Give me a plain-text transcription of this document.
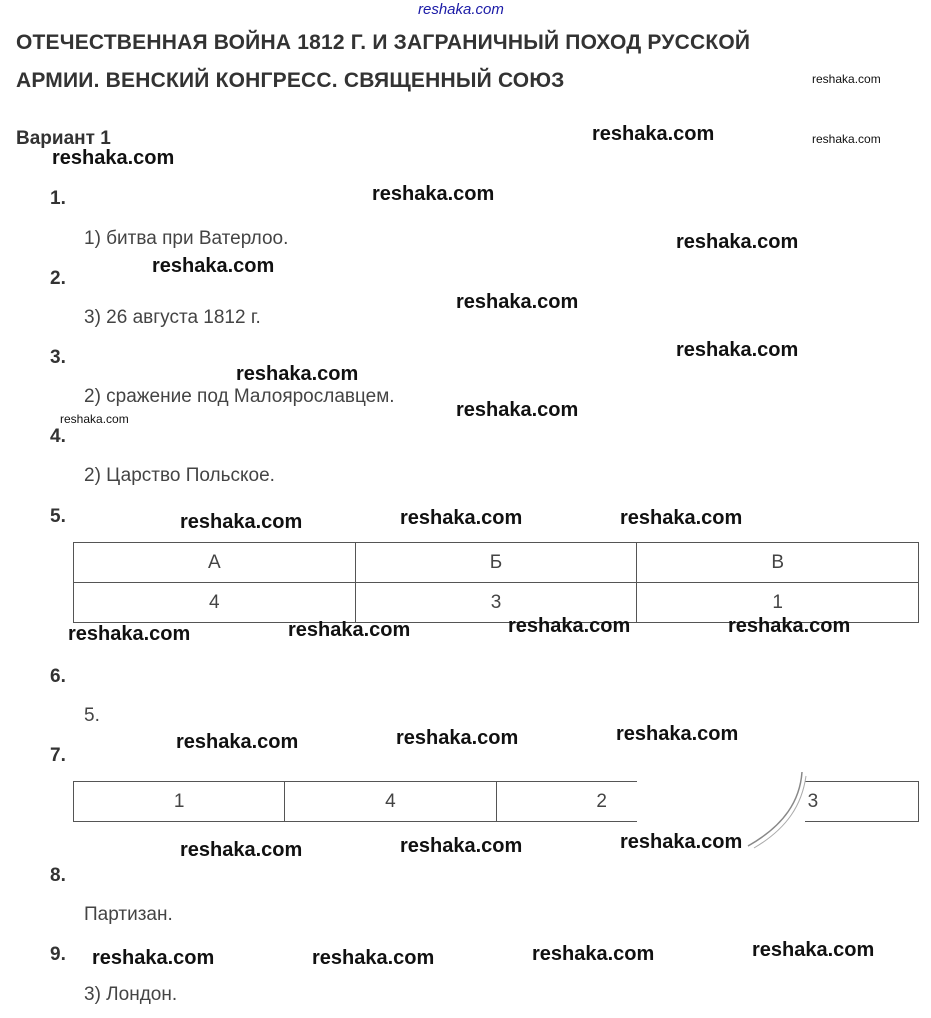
reshaka.com
ОТЕЧЕСТВЕННАЯ ВОЙНА 1812 Г. И ЗАГРАНИЧНЫЙ ПОХОД РУССКОЙ
АРМИИ. ВЕНСКИЙ КОНГРЕСС. СВЯЩЕННЫЙ СОЮЗ
Вариант 1
1.
2.
3.
4.
5.
6.
7.
8.
9.
1) битва при Ватерлоо.
3) 26 августа 1812 г.
2) сражение под Малоярославцем.
2) Царство Польское.
5.
Партизан.
3) Лондон.
А	Б	В
4	3	1
1	4	2	3
reshaka.com
reshaka.com
reshaka.com
reshaka.com
reshaka.com
reshaka.com
reshaka.com
reshaka.com
reshaka.com
reshaka.com	reshaka.com	reshaka.com
reshaka.com	reshaka.com	reshaka.com	reshaka.com
reshaka.com	reshaka.com	reshaka.com
reshaka.com	reshaka.com	reshaka.com
reshaka.com	reshaka.com	reshaka.com	reshaka.com
reshaka.com
reshaka.com
reshaka.com
